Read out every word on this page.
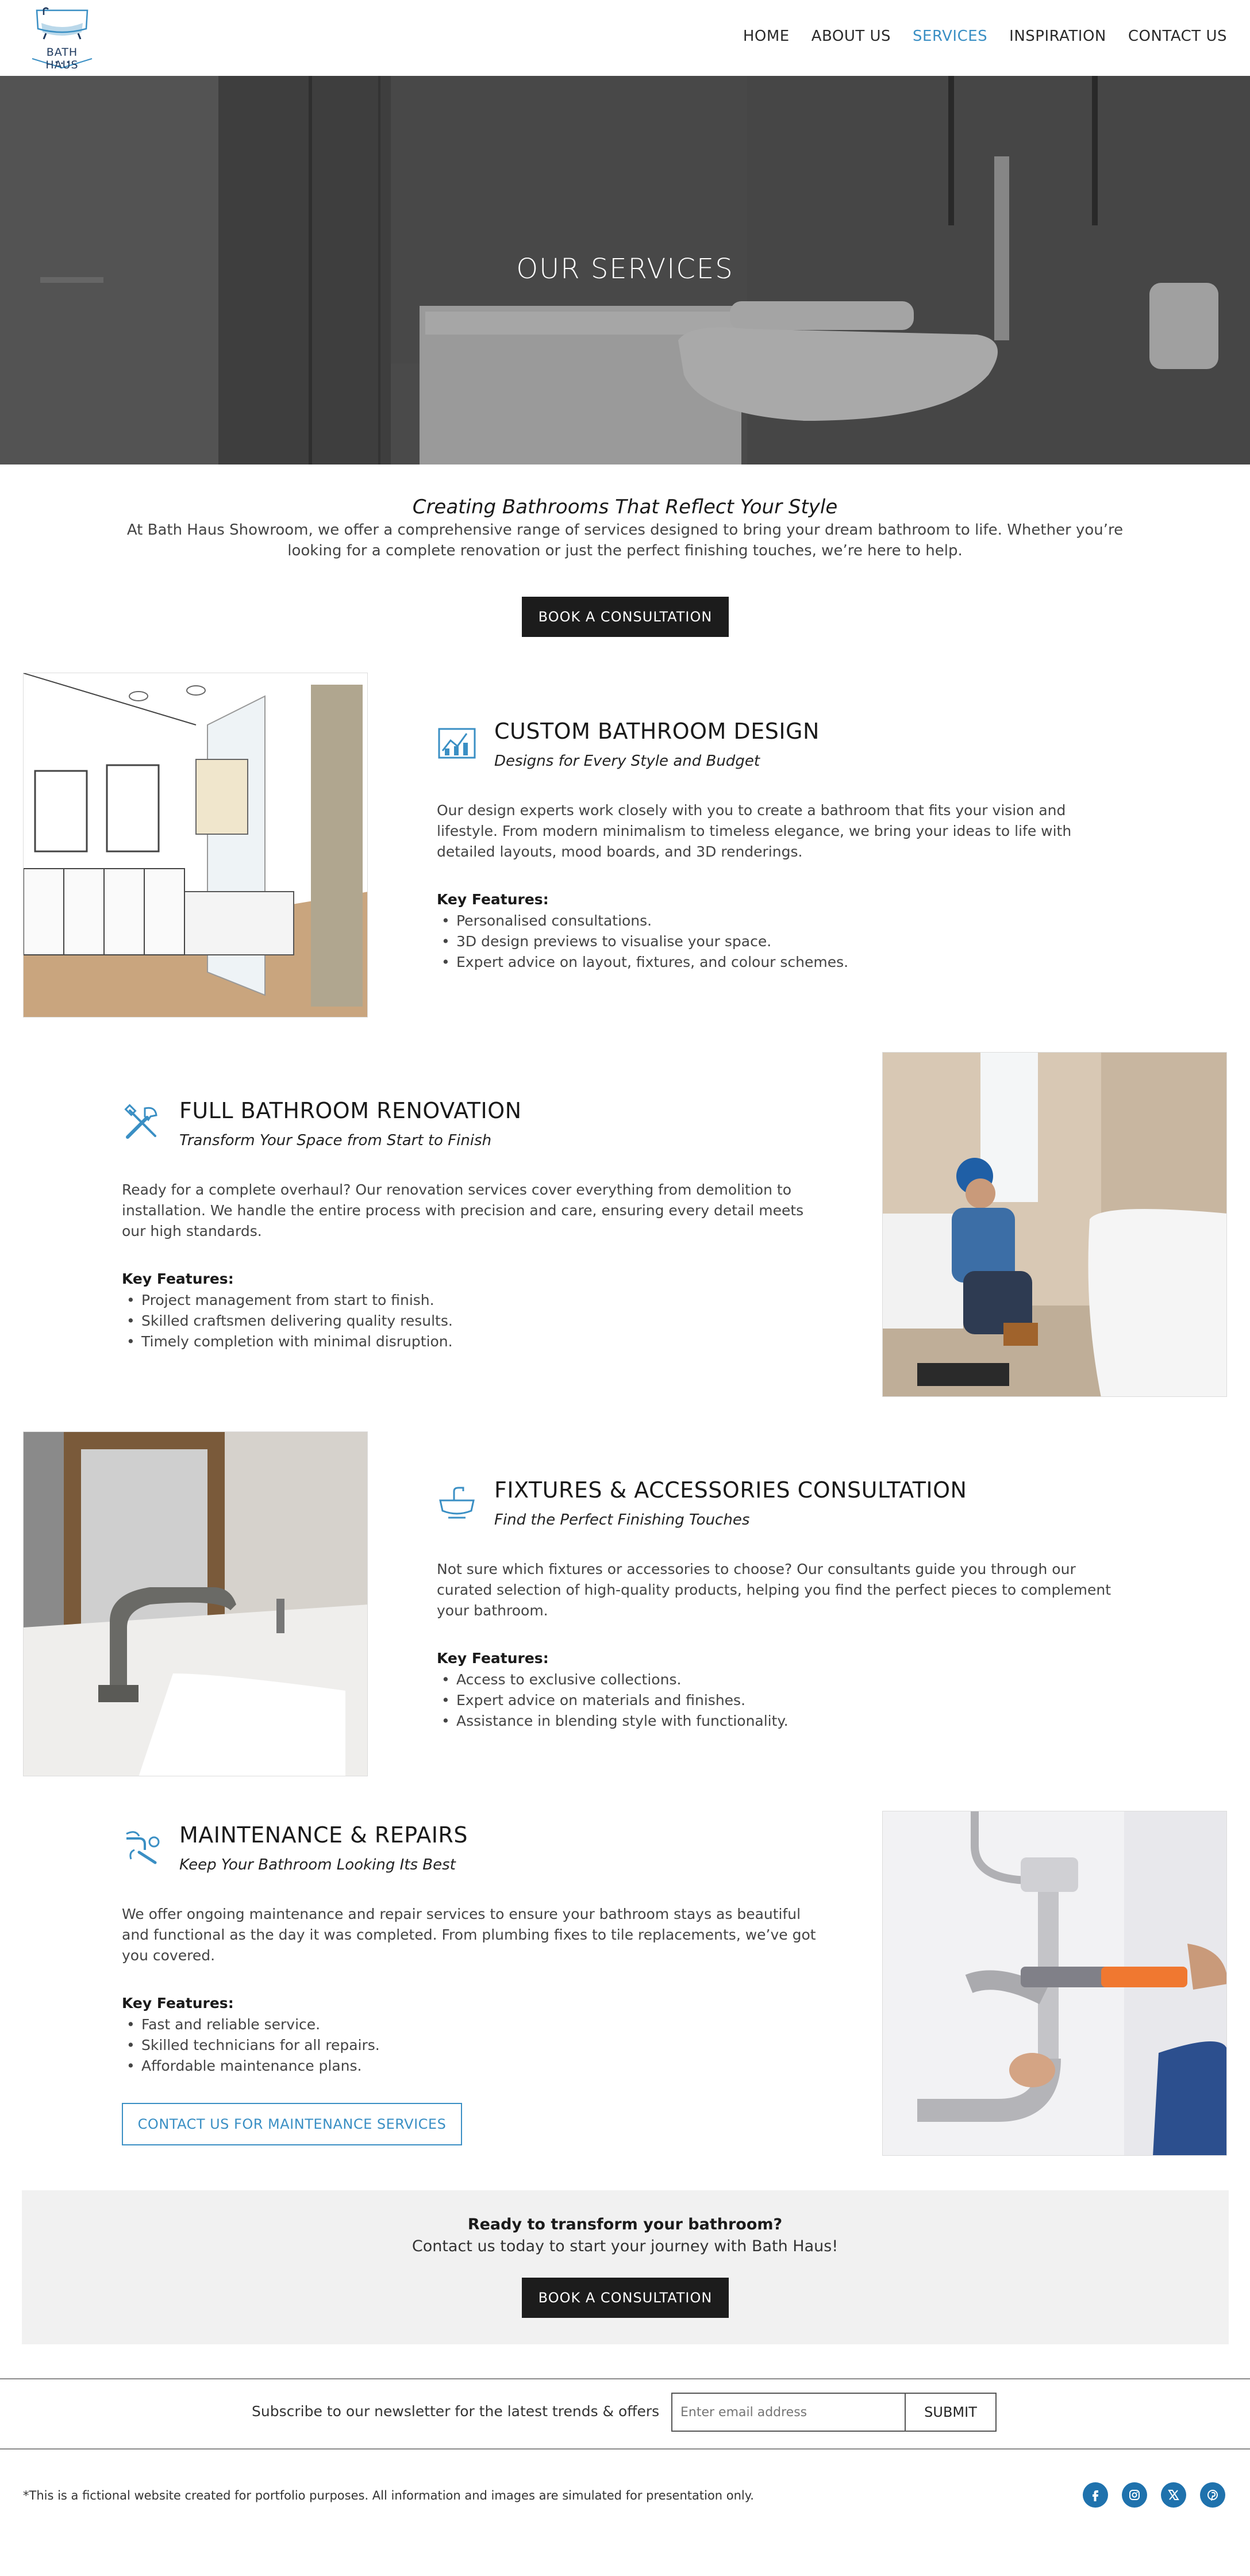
BATH HAUS
HOME ABOUT US SERVICES INSPIRATION CONTACT US
OUR SERVICES
Creating Bathrooms That Reflect Your Style
At Bath Haus Showroom, we offer a comprehensive range of services designed to bring your dream bathroom to life. Whether you’re looking for a complete renovation or just the perfect finishing touches, we’re here to help.
BOOK A CONSULTATION
CUSTOM BATHROOM DESIGN
Designs for Every Style and Budget
Our design experts work closely with you to create a bathroom that fits your vision and lifestyle. From modern minimalism to timeless elegance, we bring your ideas to life with detailed layouts, mood boards, and 3D renderings.
Key Features:
• Personalised consultations.
• 3D design previews to visualise your space.
• Expert advice on layout, fixtures, and colour schemes.
FULL BATHROOM RENOVATION
Transform Your Space from Start to Finish
Ready for a complete overhaul? Our renovation services cover everything from demolition to installation. We handle the entire process with precision and care, ensuring every detail meets our high standards.
Key Features:
• Project management from start to finish.
• Skilled craftsmen delivering quality results.
• Timely completion with minimal disruption.
FIXTURES & ACCESSORIES CONSULTATION
Find the Perfect Finishing Touches
Not sure which fixtures or accessories to choose? Our consultants guide you through our curated selection of high-quality products, helping you find the perfect pieces to complement your bathroom.
Key Features:
• Access to exclusive collections.
• Expert advice on materials and finishes.
• Assistance in blending style with functionality.
MAINTENANCE & REPAIRS
Keep Your Bathroom Looking Its Best
We offer ongoing maintenance and repair services to ensure your bathroom stays as beautiful and functional as the day it was completed. From plumbing fixes to tile replacements, we’ve got you covered.
Key Features:
• Fast and reliable service.
• Skilled technicians for all repairs.
• Affordable maintenance plans.
CONTACT US FOR MAINTENANCE SERVICES
Ready to transform your bathroom?
Contact us today to start your journey with Bath Haus!
BOOK A CONSULTATION
Subscribe to our newsletter for the latest trends & offers
Enter email address	SUBMIT
*This is a fictional website created for portfolio purposes. All information and images are simulated for presentation only.
